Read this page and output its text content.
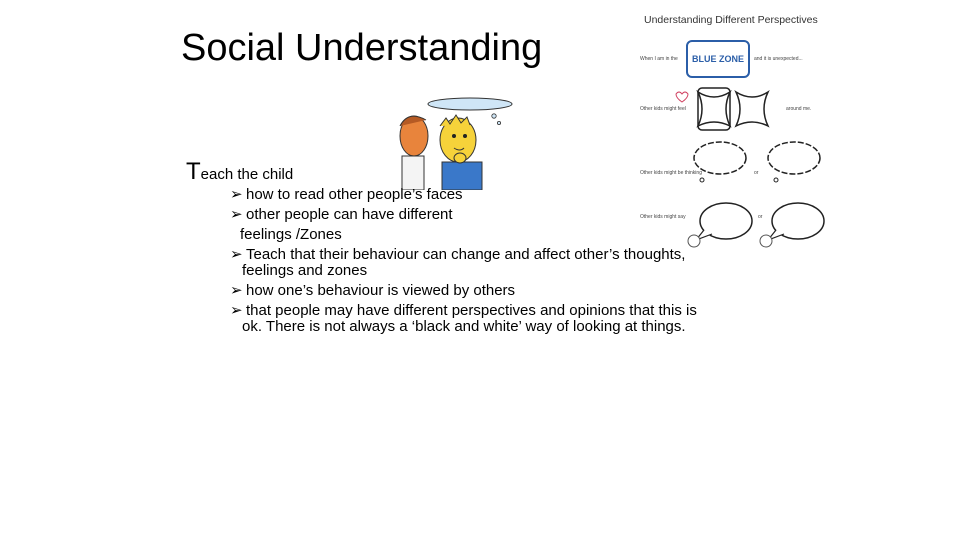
Social Understanding
Understanding Different Perspectives
When I am in the	BLUE ZONE	and it is unexpected...
Other kids might feel	around me.
Other kids might be thinking	or
Other kids might say	or
Teach the child
➢ how to read other people’s faces
➢ other people can have different
feelings /Zones
➢ Teach that their behaviour can change and affect other’s thoughts,
feelings and zones
➢ how one’s behaviour is viewed by others
➢ that people may have different perspectives and opinions that this is
ok. There is not always a ‘black and white’ way of looking at things.
